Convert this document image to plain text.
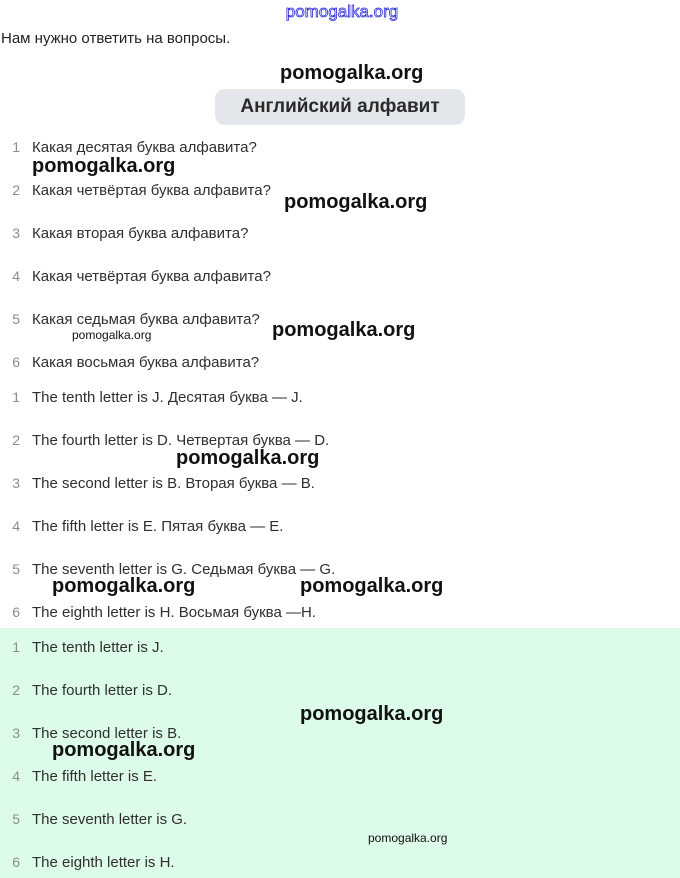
pomogalka.org
Нам нужно ответить на вопросы.
pomogalka.org
Английский алфавит
1 Какая десятая буква алфавита?
2 Какая четвёртая буква алфавита?
3 Какая вторая буква алфавита?
4 Какая четвёртая буква алфавита?
5 Какая седьмая буква алфавита?
6 Какая восьмая буква алфавита?
1 The tenth letter is J. Десятая буква — J.
2 The fourth letter is D. Четвертая буква — D.
3 The second letter is B. Вторая буква — B.
4 The fifth letter is E. Пятая буква — E.
5 The seventh letter is G. Седьмая буква — G.
6 The eighth letter is H. Восьмая буква —H.
1 The tenth letter is J.
2 The fourth letter is D.
3 The second letter is B.
4 The fifth letter is E.
5 The seventh letter is G.
6 The eighth letter is H.
pomogalka.org
pomogalka.org
pomogalka.org
pomogalka.org
pomogalka.org
pomogalka.org	pomogalka.org
pomogalka.org
pomogalka.org
pomogalka.org
